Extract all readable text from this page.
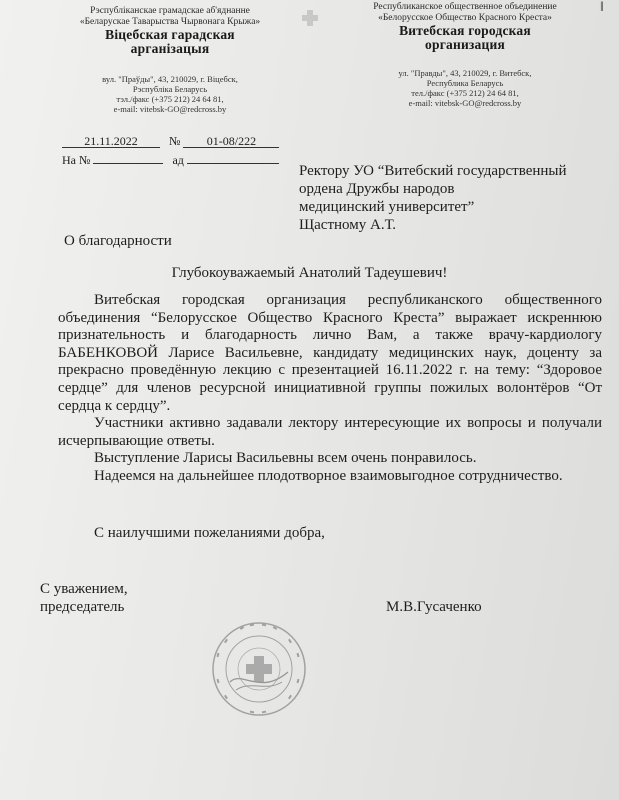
Рэспубліканскае грамадскае аб'яднанне
«Беларускае Таварыства Чырвонага Крыжа»
Віцебская гарадская
арганізацыя
вул. "Праўды", 43, 210029, г. Віцебск,
Рэспубліка Беларусь
тэл./факс (+375 212) 24 64 81,
e-mail: vitebsk-GO@redcross.by
Республиканское общественное объединение
«Белорусское Общество Красного Креста»
Витебская городская
организация
ул. "Правды", 43, 210029, г. Витебск,
Республика Беларусь
тел./факс (+375 212) 24 64 81,
e-mail: vitebsk-GO@redcross.by
‖
21.11.2022	№ 01-08/222
На №	ад
Ректору УО “Витебский государственный
ордена Дружбы народов
медицинский университет”
Щастному А.Т.
О благодарности
Глубокоуважаемый Анатолий Тадеушевич!

Витебская городская организация республиканского общественного объединения “Белорусское Общество Красного Креста” выражает искреннюю признательность и благодарность лично Вам, а также врачу-кардиологу БАБЕНКОВОЙ Ларисе Васильевне, кандидату медицинских наук, доценту за прекрасно проведённую лекцию с презентацией 16.11.2022 г. на тему: “Здоровое сердце” для членов ресурсной инициативной группы пожилых волонтёров “От сердца к сердцу”.

Участники активно задавали лектору интересующие их вопросы и получали исчерпывающие ответы.

Выступление Ларисы Васильевны всем очень понравилось.

Надеемся на дальнейшее плодотворное взаимовыгодное сотрудничество.

С наилучшими пожеланиями добра,
С уважением,
председатель	М.В.Гусаченко
